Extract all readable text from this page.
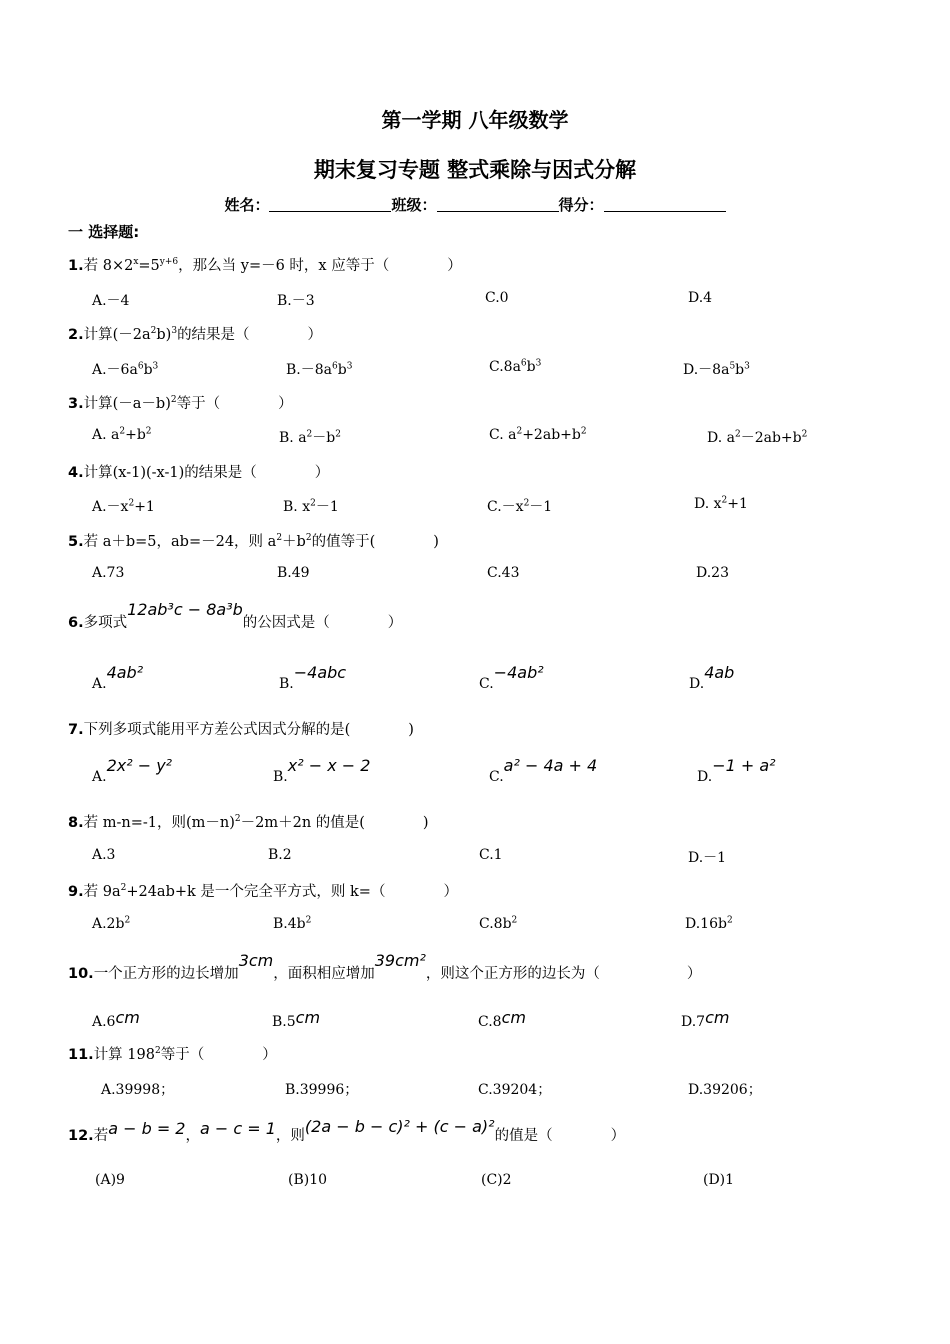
第一学期 八年级数学
期末复习专题 整式乘除与因式分解
姓名：	班级：	得分：
一 选择题:
1.若 $8\times 2^x=5^{y+6}$，那么当 y=－6 时，x 应等于（　　　　）
A.－4	B.－3	C.0	D.4
2.计算$(-2a^2b)^3$的结果是（　　　　）
$A.-6a^6b^3$	$B.-8a^6b^3$	$C.8a^6b^3$	$D.-8a^5b^3$
3.计算$(-a-b)^2$等于（　　　　）
A. $a^2+b^2$	B. $a^2-b^2$	C. $a^2+2ab+b^2$	D. $a^2-2ab+b^2$
4.计算(x-1)(-x-1)的结果是（　　　　）
$A.-x^2+1$	B. $x^2-1$	$C.-x^2-1$	D. $x^2+1$
5.若 a＋b=5，ab=－24，则 $a^2+b^2$的值等于(　　　　)
A.73	B.49	C.43	D.23
6.多项式12ab³c − 8a³b的公因式是（　　　　）
A.4ab²
B.−4abc
C.−4ab²
D.4ab
7.下列多项式能用平方差公式因式分解的是(　　　　)
A.2x² − y²
B.x² − x − 2
C.a² − 4a + 4
D.−1 + a²
8.若 m-n=-1，则$(m-n)^2-2m+2n$ 的值是(　　　　)
A.3	B.2	C.1	D.－1
9.若 $9a^2+24ab+k$ 是一个完全平方式，则 k=（　　　　）
$A.2b^2$	$B.4b^2$	$C.8b^2$	$D.16b^2$
10.一个正方形的边长增加3cm，面积相应增加39cm²，则这个正方形的边长为（　　　　　　）
A.6cm	B.5cm	C.8cm	D.7cm
11.计算 $198^2$等于（　　　　）
A.39998；	B.39996；	C.39204；	D.39206；
12.若a − b = 2，a − c = 1，则(2a − b − c)² + (c − a)²的值是（　　　　）
(A)9	(B)10	(C)2	(D)1
